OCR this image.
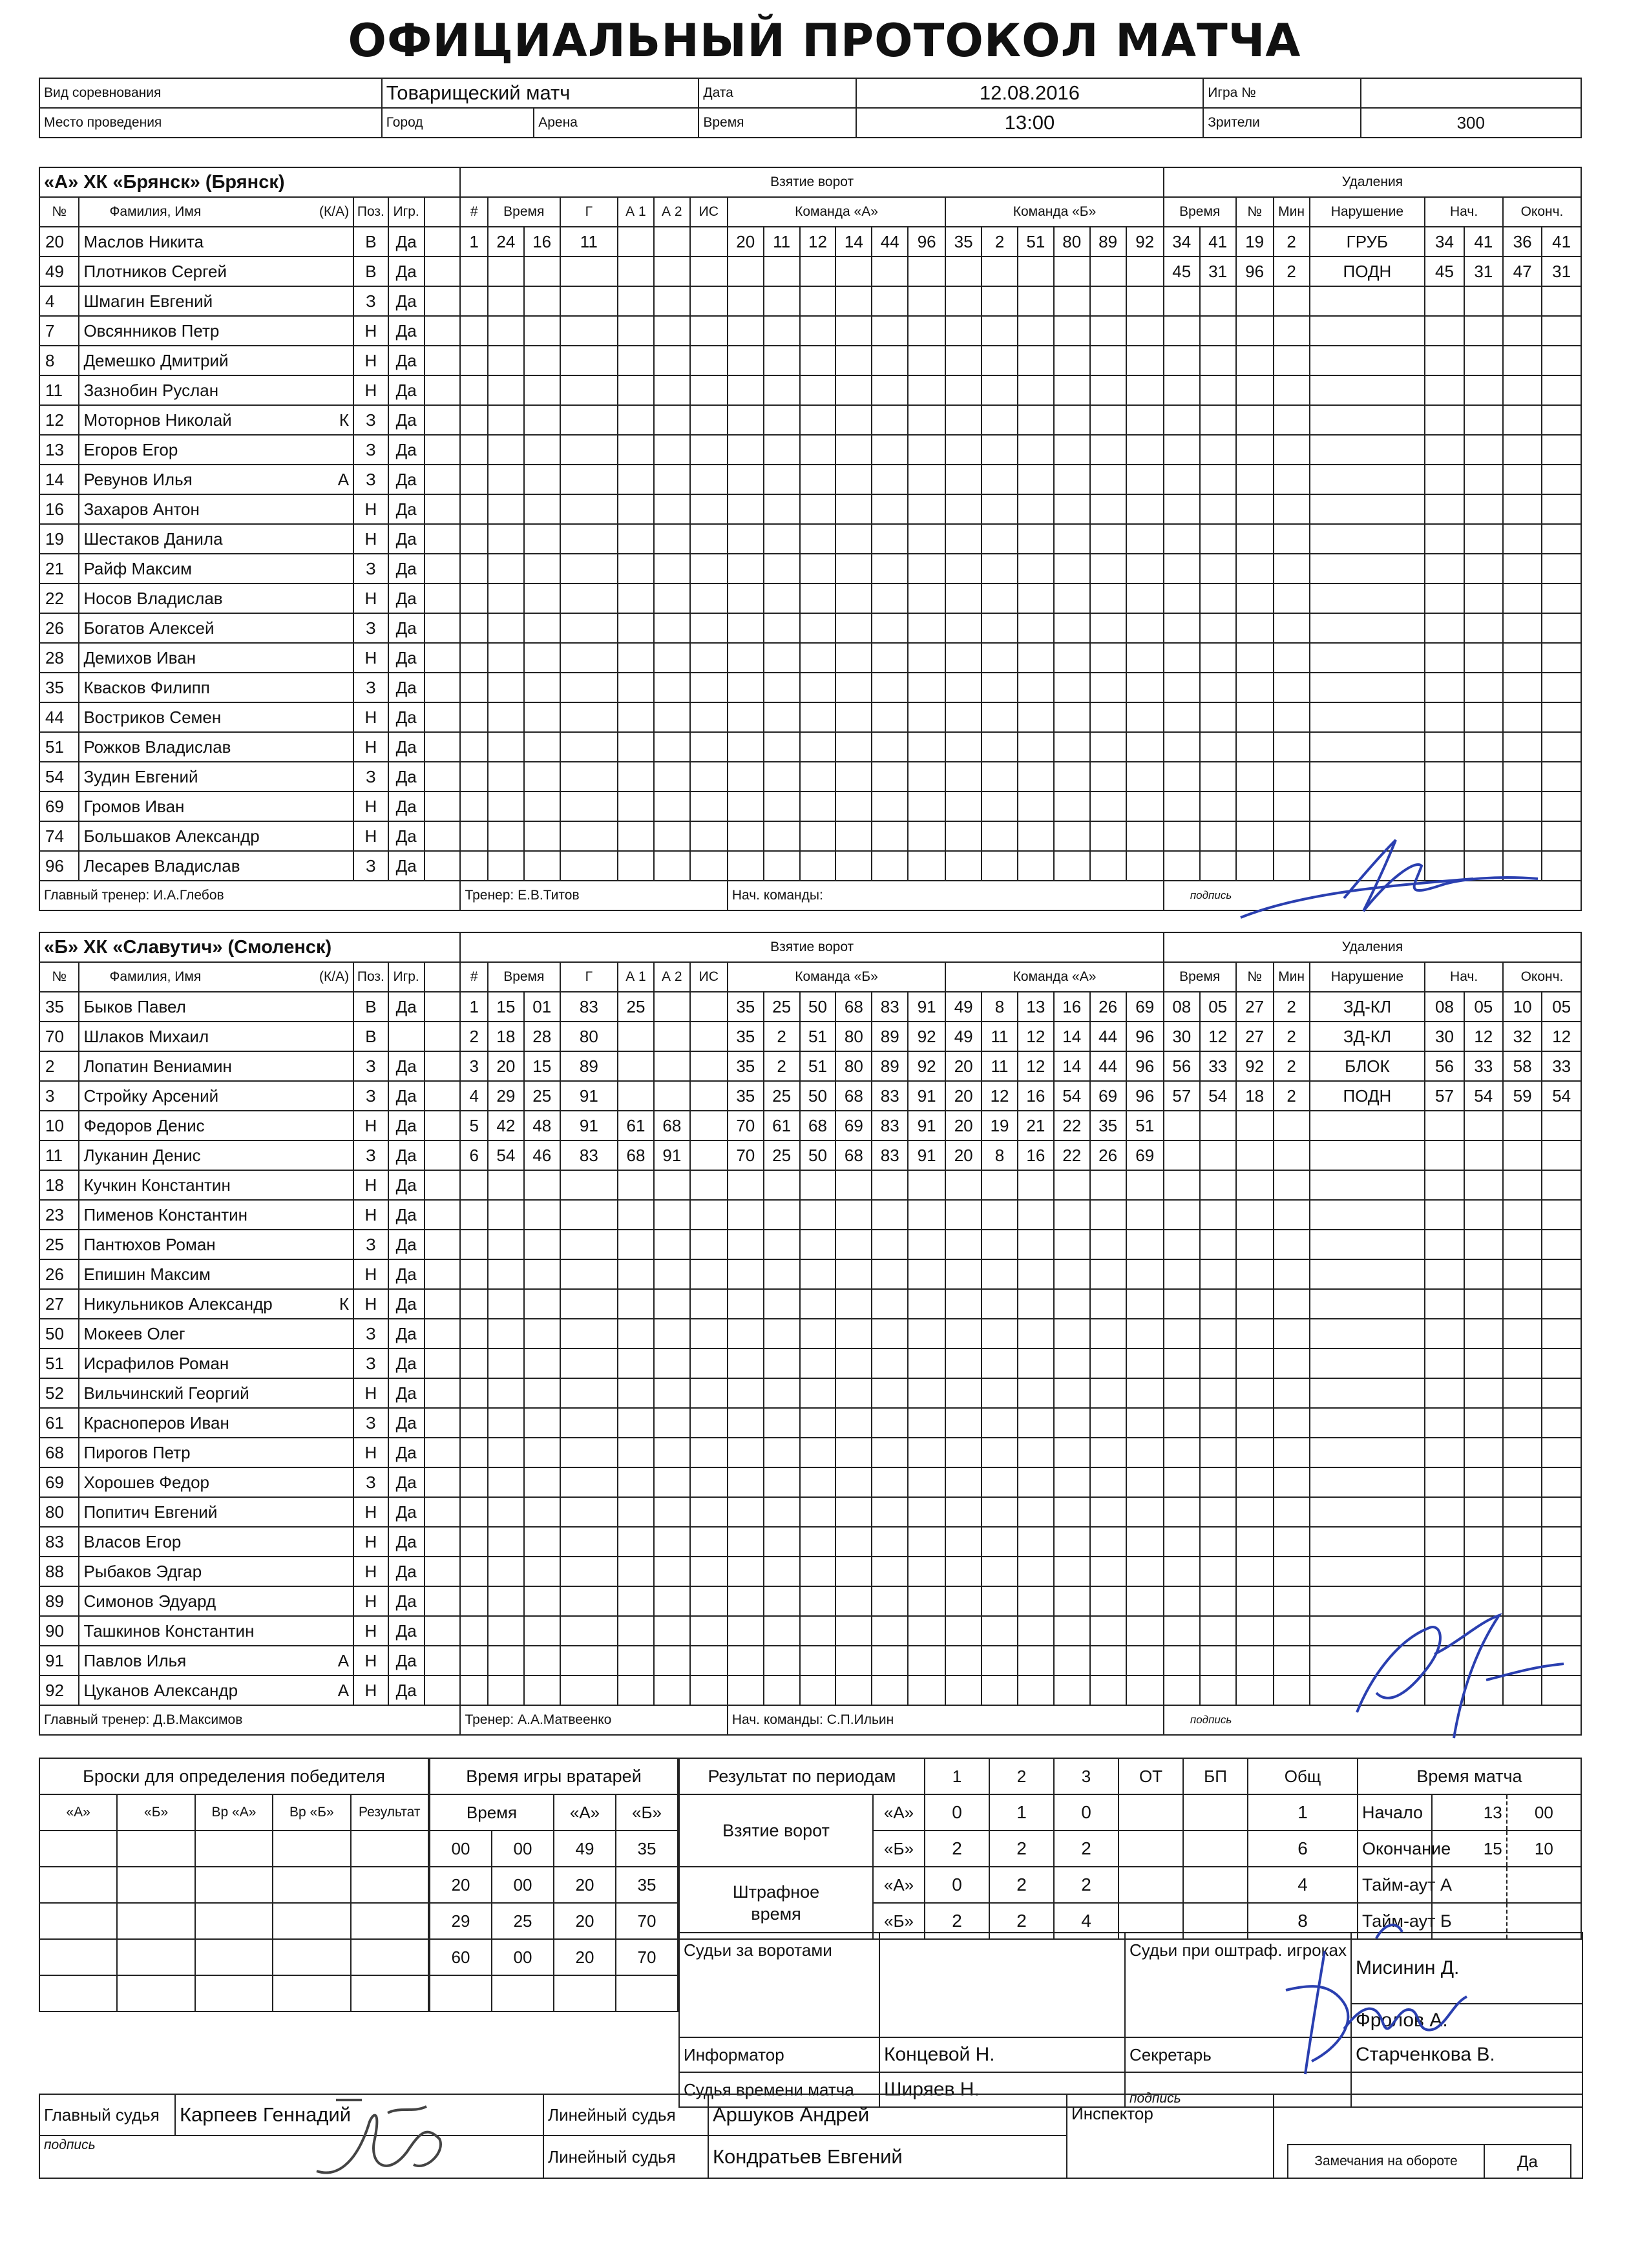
ОФИЦИАЛЬНЫЙ ПРОТОКОЛ МАТЧА
Вид соревнования	Товарищеский матч		Дата	12.08.2016	Игра №	
Место проведения	Город		Арена		Время	13:00	Зрители	300
«А» ХК «Брянск» (Брянск)					Взятие ворот																			Удаления								
№	Фамилия, Имя (К/А)	Поз.	Игр.		#	Время		Г	А 1	А 2	ИС	Команда «А»						Команда «Б»						Время		№	Мин	Нарушение	Нач.		Оконч.	
20	Маслов Никита	В	Да		1	24	16	11				20	11	12	14	44	96	35	2	51	80	89	92	34	41	19	2	ГРУБ	34	41	36	41
49	Плотников Сергей	В	Да																					45	31	96	2	ПОДН	45	31	47	31
4	Шмагин Евгений	З	Да																													
7	Овсянников Петр	Н	Да																													
8	Демешко Дмитрий	Н	Да																													
11	Зазнобин Руслан	Н	Да																													
12	Моторнов Николай К	З	Да																													
13	Егоров Егор	З	Да																													
14	Ревунов Илья А	З	Да																													
16	Захаров Антон	Н	Да																													
19	Шестаков Данила	Н	Да																													
21	Райф Максим	З	Да																													
22	Носов Владислав	Н	Да																													
26	Богатов Алексей	З	Да																													
28	Демихов Иван	Н	Да																													
35	Квасков Филипп	З	Да																													
44	Востриков Семен	Н	Да																													
51	Рожков Владислав	Н	Да																													
54	Зудин Евгений	З	Да																													
69	Громов Иван	Н	Да																													
74	Большаков Александр	Н	Да																													
96	Лесарев Владислав	З	Да																													
Главный тренер: И.А.Глебов					Тренер: Е.В.Титов							Нач. команды:												подпись								
«Б» ХК «Славутич» (Смоленск)					Взятие ворот																			Удаления								
№	Фамилия, Имя (К/А)	Поз.	Игр.		#	Время		Г	А 1	А 2	ИС	Команда «Б»						Команда «А»						Время		№	Мин	Нарушение	Нач.		Оконч.	
35	Быков Павел	В	Да		1	15	01	83	25			35	25	50	68	83	91	49	8	13	16	26	69	08	05	27	2	ЗД-КЛ	08	05	10	05
70	Шлаков Михаил	В			2	18	28	80				35	2	51	80	89	92	49	11	12	14	44	96	30	12	27	2	ЗД-КЛ	30	12	32	12
2	Лопатин Вениамин	З	Да		3	20	15	89				35	2	51	80	89	92	20	11	12	14	44	96	56	33	92	2	БЛОК	56	33	58	33
3	Стройку Арсений	З	Да		4	29	25	91				35	25	50	68	83	91	20	12	16	54	69	96	57	54	18	2	ПОДН	57	54	59	54
10	Федоров Денис	Н	Да		5	42	48	91	61	68		70	61	68	69	83	91	20	19	21	22	35	51									
11	Луканин Денис	З	Да		6	54	46	83	68	91		70	25	50	68	83	91	20	8	16	22	26	69									
18	Кучкин Константин	Н	Да																													
23	Пименов Константин	Н	Да																													
25	Пантюхов Роман	З	Да																													
26	Епишин Максим	Н	Да																													
27	Никульников Александр К	Н	Да																													
50	Мокеев Олег	З	Да																													
51	Исрафилов Роман	З	Да																													
52	Вильчинский Георгий	Н	Да																													
61	Красноперов Иван	З	Да																													
68	Пирогов Петр	Н	Да																													
69	Хорошев Федор	З	Да																													
80	Попитич Евгений	Н	Да																													
83	Власов Егор	Н	Да																													
88	Рыбаков Эдгар	Н	Да																													
89	Симонов Эдуард	Н	Да																													
90	Ташкинов Константин	Н	Да																													
91	Павлов Илья А	Н	Да																													
92	Цуканов Александр А	Н	Да																													
Главный тренер: Д.В.Максимов					Тренер: А.А.Матвеенко							Нач. команды: С.П.Ильин												подпись								
Броски для определения победителя				
«А»	«Б»	Вр «А»	Вр «Б»	Результат

Время игры вратарей			
Время		«А»	«Б»
00	00	49	35
20	00	20	35
29	25	20	70
60	00	20	70

Результат по периодам		1	2	3	ОТ	БП	Общ
Взятие ворот	«А»	0	1	0			1
	«Б»	2	2	2			6
Штрафное время	«А»	0	2	2			4
	«Б»	2	2	4			8
Время матча		
Начало	13	00
Окончание	15	10
Тайм-аут А		
Тайм-аут Б		
Судьи за воротами		Судьи при оштраф. игроках	Мисинин Д.
			Фролов А.
Информатор	Концевой Н.	Секретарь	Старченкова В.
Судья времени матча	Ширяев Н.	подпись	
Главный судья	Карпеев Геннадий	Линейный судья	Аршуков Андрей	Инспектор	
подпись		Линейный судья	Кондратьев Евгений			Замечания на обороте	Да
